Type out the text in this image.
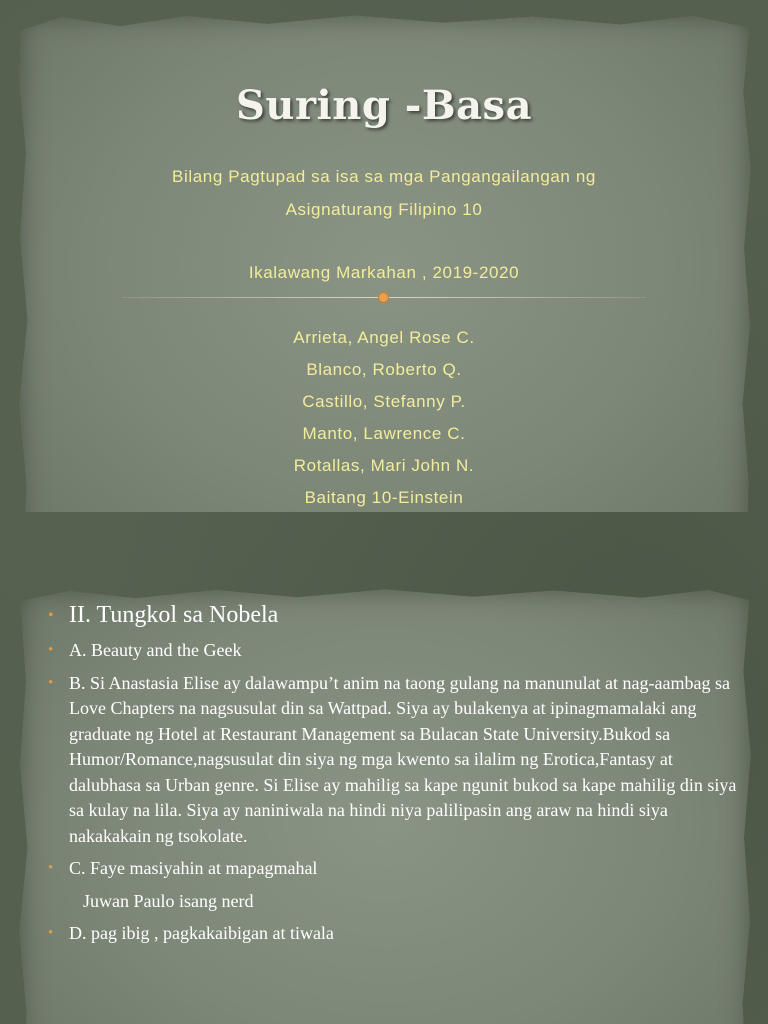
Suring -Basa
Bilang Pagtupad sa isa sa mga Pangangailangan ng
Asignaturang Filipino 10
Ikalawang Markahan , 2019-2020
Arrieta, Angel Rose C.
Blanco, Roberto Q.
Castillo, Stefanny P.
Manto, Lawrence C.
Rotallas, Mari John N.
Baitang 10-Einstein
• II. Tungkol sa Nobela
• A. Beauty and the Geek
• B. Si Anastasia Elise ay dalawampu’t anim na taong gulang na manunulat at nag-aambag sa Love Chapters na nagsusulat din sa Wattpad. Siya ay bulakenya at ipinagmamalaki ang graduate ng Hotel at Restaurant Management sa Bulacan State University.Bukod sa Humor/Romance,nagsusulat din siya ng mga kwento sa ilalim ng Erotica,Fantasy at dalubhasa sa Urban genre. Si Elise ay mahilig sa kape ngunit bukod sa kape mahilig din siya sa kulay na lila. Siya ay naniniwala na hindi niya palilipasin ang araw na hindi siya nakakakain ng tsokolate.
• C. Faye masiyahin at mapagmahal
Juwan Paulo isang nerd
• D. pag ibig , pagkakaibigan at tiwala
